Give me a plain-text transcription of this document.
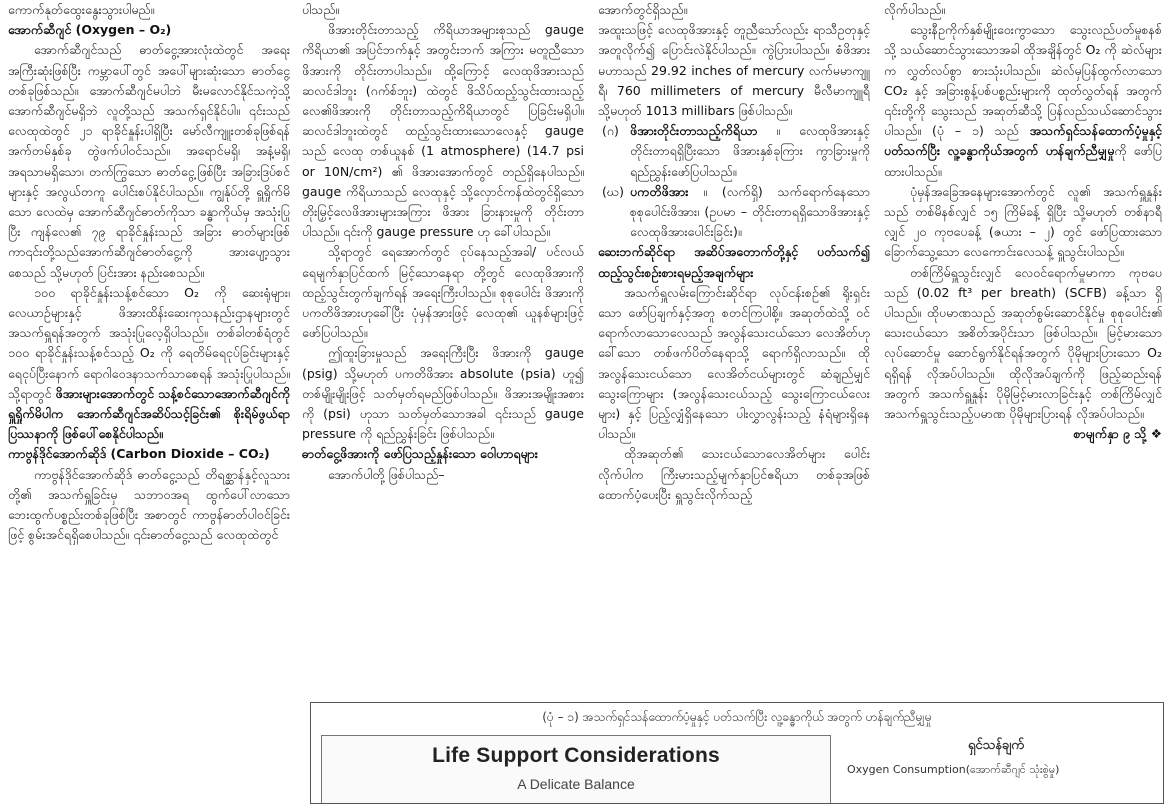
ကောက်နုတ်ထွေးနွေးသွားပါမည်။

အောက်ဆီဂျင် (Oxygen – O₂)

အောက်ဆီဂျင်သည် ဓာတ်ငွေ့အားလုံးထဲတွင် အရေးအကြီးဆုံးဖြစ်ပြီး ကမ္ဘာပေါ်တွင် အပေါ်များဆုံးသော ဓာတ်ငွေ့တစ်ခုဖြစ်သည်။ အောက်ဆီဂျင်မပါဘဲ မီးမလောင်နိုင်သကဲ့သို့ အောက်ဆီဂျင်မရှိဘဲ လူတို့သည် အသက်ရှင်နိုင်ပါ။ ၎င်းသည် လေထုထဲတွင် ၂၁ ရာခိုင်နှုန်းပါရှိပြီး မော်လီကျူးတစ်ခုဖြစ်ရန် အက်တမ်နှစ်ခု တွဲဖက်ပါဝင်သည်။ အရောင်မရှိ၊ အနံ့မရှိ၊ အရသာမရှိသော၊ တက်ကြွသော ဓာတ်ငွေ့ဖြစ်ပြီး အခြားဒြပ်စင်များနှင့် အလွယ်တကူ ပေါင်းစပ်နိုင်ပါသည်။ ကျွန်ုပ်တို့ ရှူရှိုက်မိသော လေထဲမှ အောက်ဆီဂျင်ဓာတ်ကိုသာ ခန္ဓာကိုယ်မှ အသုံးပြုပြီး ကျန်လေ၏ ၇၉ ရာခိုင်နှုန်းသည် အခြား ဓာတ်များဖြစ်ကာ၎င်းတို့သည်အောက်ဆီဂျင်ဓာတ်ငွေ့ကို အားပျော့သွားစေသည် သို့မဟုတ် ပြင်းအား နည်းစေသည်။

၁၀၀ ရာခိုင်နှုန်းသန့်စင်သော O₂ ကို ဆေးရုံများ၊ လေယာဉ်များနှင့် ဖိအားထိန်းဆေးကုသနည်းဌာနများတွင် အသက်ရှူရန်အတွက် အသုံးပြုလေ့ရှိပါသည်။ တစ်ခါတစ်ရံတွင် ၁၀၀ ရာခိုင်နှုန်းသန့်စင်သည့် O₂ ကို ရေတိမ်ရေငုပ်ခြင်းများနှင့် ရေငုပ်ပြီးနောက် ရောဂါဝေဒနာသက်သာစေရန် အသုံးပြုပါသည်။ သို့ရာတွင် ဖိအားများအောက်တွင် သန့်စင်သောအောက်ဆီဂျင်ကို ရှူရှိုက်မိပါက အောက်ဆီဂျင်အဆိပ်သင့်ခြင်း၏ စိုးရိမ်ဖွယ်ရာပြဿနာကို ဖြစ်ပေါ်စေနိုင်ပါသည်။

ကာဗွန်ဒိုင်အောက်ဆိုဒ် (Carbon Dioxide – CO₂)

ကာဗွန်ဒိုင်အောက်ဆိုဒ် ဓာတ်ငွေ့သည် တိရစ္ဆာန်နှင့်လူသားတို့၏ အသက်ရှူခြင်းမှ သဘာဝအရ ထွက်ပေါ်လာသော ဘေးထွက်ပစ္စည်းတစ်ခုဖြစ်ပြီး အစာတွင် ကာဗွန်ဓာတ်ပါဝင်ခြင်းဖြင့် စွမ်းအင်ရရှိစေပါသည်။ ၎င်းဓာတ်ငွေ့သည် လေထုထဲတွင်

ပါသည်။

ဖိအားတိုင်းတာသည့် ကိရိယာအများစုသည် gauge ကိရိယာ၏ အပြင်ဘက်နှင့် အတွင်းဘက် အကြား မတူညီသောဖိအားကို တိုင်းတာပါသည်။ ထို့ကြောင့် လေထုဖိအားသည် ဆလင်ဒါဘူး (ဂက်စ်ဘူး) ထဲတွင် ဖိသိပ်ထည့်သွင်းထားသည့် လေ၏ဖိအားကို တိုင်းတာသည့်ကိရိယာတွင် ပြခြင်းမရှိပါ။ ဆလင်ဒါဘူးထဲတွင် ထည့်သွင်းထားသောလေနှင့် gauge သည် လေထု တစ်ယူနစ် (1 atmosphere) (14.7 psi or 10N/cm²) ၏ ဖိအားအောက်တွင် တည်ရှိနေပါသည်။ gauge ကိရိယာသည် လေထုနှင့် သို့လှောင်ကန်ထဲတွင်ရှိသော တိုးမြှင့်လေဖိအားများအကြား ဖိအား ခြားနားမှုကို တိုင်းတာပါသည်။ ၎င်းကို gauge pressure ဟု ခေါ်ပါသည်။

သို့ရာတွင် ရေအောက်တွင် ငုပ်နေသည့်အခါ/ ပင်လယ်ရေမျက်နှာပြင်ထက် မြင့်သောနေရာ တို့တွင် လေထုဖိအားကို ထည့်သွင်းတွက်ချက်ရန် အရေးကြီးပါသည်။ စုစုပေါင်း ဖိအားကို ပကတိဖိအားဟုခေါ်ပြီး ပုံမှန်အားဖြင့် လေထု၏ ယူနစ်များဖြင့် ဖော်ပြပါသည်။

ဤထူးခြားမှုသည် အရေးကြီးပြီး ဖိအားကို gauge (psig) သို့မဟုတ် ပကတိဖိအား absolute (psia) ဟူ၍ တစ်မျိုးမျိုးဖြင့် သတ်မှတ်ရမည်ဖြစ်ပါသည်။ ဖိအားအမျိုးအစားကို (psi) ဟုသာ သတ်မှတ်သောအခါ ၎င်းသည် gauge pressure ကို ရည်ညွှန်းခြင်း ဖြစ်ပါသည်။

ဓာတ်ငွေ့ဖိအားကို ဖော်ပြသည့်နှုန်းသော ဝေါဟာရများ

အောက်ပါတို့ ဖြစ်ပါသည်–

အောက်တွင်ရှိသည်။

အထူးသဖြင့် လေထုဖိအားနှင့် တူညီသော်လည်း ရာသီဥတုနှင့် အတူလိုက်၍ ပြောင်းလဲနိုင်ပါသည်။ ကွဲပြားပါသည်။ စံဖိအားမဟာသည် 29.92 inches of mercury လက်မမာကျူရီ၊ 760 millimeters of mercury မီလီမာကျူရီ သို့မဟုတ် 1013 millibars ဖြစ်ပါသည်။

(ဂ) ဖိအားတိုင်းတာသည့်ကိရိယာ ။ လေထုဖိအားနှင့် တိုင်းတာရရှိပြီးသော ဖိအားနှစ်ခုကြား ကွာခြားမှုကို ရည်ညွှန်းဖော်ပြပါသည်။
(ဃ) ပကတိဖိအား ။ (လက်ရှိ) သက်ရောက်နေသော စုစုပေါင်းဖိအား၊ (ဥပမာ – တိုင်းတာရရှိသောဖိအားနှင့် လေထုဖိအားပေါင်းခြင်း)။
ဆေးဘက်ဆိုင်ရာ အဆိပ်အတောက်တို့နှင့် ပတ်သက်၍ ထည့်သွင်းစဉ်းစားရမည့်အချက်များ

အသက်ရှူလမ်းကြောင်းဆိုင်ရာ လုပ်ငန်းစဉ်၏ ရိုးရှင်းသော ဖော်ပြချက်နှင့်အတူ စတင်ကြပါစို့။ အဆုတ်ထဲသို့ ဝင်ရောက်လာသောလေသည် အလွန်သေးငယ်သော လေအိတ်ဟုခေါ်သော တစ်ဖက်ပိတ်နေရာသို့ ရောက်ရှိလာသည်။ ထို အလွန်သေးငယ်သော လေအိတ်ငယ်များတွင် ဆံချည်မျှင်သွေးကြောများ (အလွန်သေးငယ်သည့် သွေးကြောငယ်လေးများ) နှင့် ပြည့်လျှံရှိနေသော ပါးလွှာလွန်းသည့် နံရံများရှိနေပါသည်။

ထိုအဆုတ်၏ သေးငယ်သောလေအိတ်များ ပေါင်းလိုက်ပါက ကြီးမားသည့်မျက်နှာပြင်ဧရိယာ တစ်ခုအဖြစ် ထောက်ပံ့ပေးပြီး ရှူသွင်းလိုက်သည့်

လိုက်ပါသည်။

သွေးနီဥကိုက်နှစ်မျိုးဝေးကွာသော သွေးလည်ပတ်မှုစနစ်သို့ သယ်ဆောင်သွားသောအခါ ထိုအချိန်တွင် O₂ ကို ဆဲလ်များက လွှတ်လပ်စွာ စားသုံးပါသည်။ ဆဲလ်မှပြန်ထွက်လာသော CO₂ နှင့် အခြားစွန့်ပစ်ပစ္စည်းများကို ထုတ်လွှတ်ရန် အတွက် ၎င်းတို့ကို သွေးသည် အဆုတ်ဆီသို့ ပြန်လည်သယ်ဆောင်သွားပါသည်။ (ပုံ – ၁) သည် အသက်ရှင်သန်ထောက်ပံ့မှုနှင့် ပတ်သက်ပြီး လူ့ခန္ဓာကိုယ်အတွက် ဟန်ချက်ညီမျှမှုကို ဖော်ပြထားပါသည်။

ပုံမှန်အခြေအနေများအောက်တွင် လူ၏ အသက်ရှူနှုန်းသည် တစ်မိနစ်လျှင် ၁၅ ကြိမ်ခန့် ရှိပြီး သို့မဟုတ် တစ်နာရီလျှင် ၂၀ ကုဗပေခန့် (ဇယား – ၂) တွင် ဖော်ပြထားသော ခြောက်သွေ့သော လေကောင်းလေသန့် ရှူသွင်းပါသည်။

တစ်ကြိမ်ရှူသွင်းလျှင် လေဝင်ရောက်မှုမာကာ ကုဗပေသည် (0.02 ft³ per breath) (SCFB) ခန့်သာ ရှိပါသည်။ ထိုပမာဏသည် အဆုတ်စွမ်းဆောင်နိုင်မှု စုစုပေါင်း၏ သေးငယ်သော အစိတ်အပိုင်းသာ ဖြစ်ပါသည်။ မြင့်မားသောလုပ်ဆောင်မှု ဆောင်ရွက်နိုင်ရန်အတွက် ပိုမိုများပြားသော O₂ ရရှိရန် လိုအပ်ပါသည်။ ထိုလိုအပ်ချက်ကို ဖြည့်ဆည်းရန်အတွက် အသက်ရှူနှုန်း ပိုမိုမြင့်မားလာခြင်းနှင့် တစ်ကြိမ်လျှင် အသက်ရှူသွင်းသည့်ပမာဏ ပိုမိုများပြားရန် လိုအပ်ပါသည်။

စာမျက်နှာ ၉ သို့ ❖

(ပုံ – ၁) အသက်ရှင်သန်ထောက်ပံ့မှုနှင့် ပတ်သက်ပြီး လူ့ခန္ဓာကိုယ် အတွက် ဟန်ချက်ညီမျှမှု
Life Support Considerations
A Delicate Balance
ရှင်သန်ချက်
Oxygen Consumption(အောက်ဆီဂျင် သုံးစွဲမှု)
